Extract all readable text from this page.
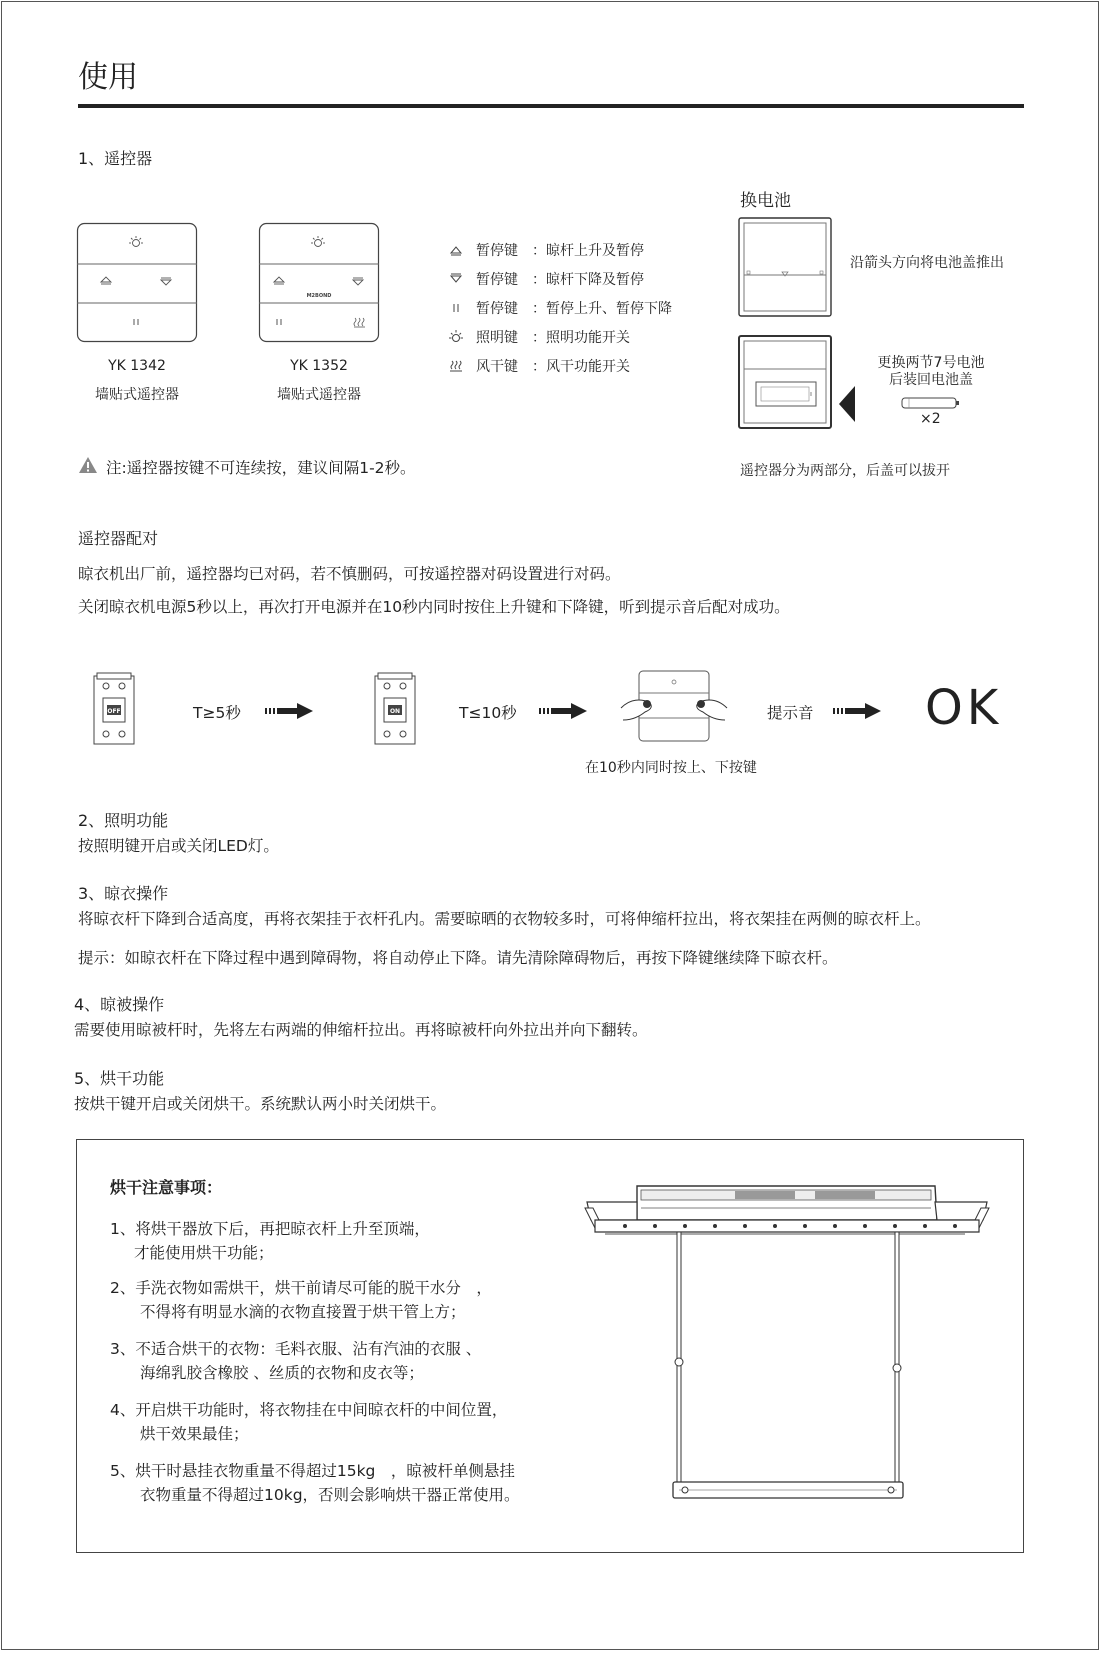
使用
1、遥控器
YK 1342
墙贴式遥控器
M2BOND
YK 1352
墙贴式遥控器
暂停键 ：晾杆上升及暂停
暂停键 ：晾杆下降及暂停
暂停键 ：暂停上升、暂停下降
照明键 ：照明功能开关
风干键 ：风干功能开关
换电池
沿箭头方向将电池盖推出
更换两节7号电池
后装回电池盖
×2
遥控器分为两部分，后盖可以拔开
注:遥控器按键不可连续按，建议间隔1-2秒。
遥控器配对
晾衣机出厂前，遥控器均已对码，若不慎删码，可按遥控器对码设置进行对码。
关闭晾衣机电源5秒以上，再次打开电源并在10秒内同时按住上升键和下降键，听到提示音后配对成功。
OFF	T≥5秒	ON	T≤10秒	提示音 OK
在10秒内同时按上、下按键
2、照明功能
按照明键开启或关闭LED灯。
3、晾衣操作
将晾衣杆下降到合适高度，再将衣架挂于衣杆孔内。需要晾晒的衣物较多时，可将伸缩杆拉出，将衣架挂在两侧的晾衣杆上。
提示：如晾衣杆在下降过程中遇到障碍物，将自动停止下降。请先清除障碍物后，再按下降键继续降下晾衣杆。
4、晾被操作
需要使用晾被杆时，先将左右两端的伸缩杆拉出。再将晾被杆向外拉出并向下翻转。
5、烘干功能
按烘干键开启或关闭烘干。系统默认两小时关闭烘干。
烘干注意事项：
1、将烘干器放下后，再把晾衣杆上升至顶端，
才能使用烘干功能；
2、手洗衣物如需烘干，烘干前请尽可能的脱干水分　，
不得将有明显水滴的衣物直接置于烘干管上方；
3、不适合烘干的衣物：毛料衣服、沾有汽油的衣服 、
海绵乳胶含橡胶 、丝质的衣物和皮衣等；
4、开启烘干功能时，将衣物挂在中间晾衣杆的中间位置，
烘干效果最佳；
5、烘干时悬挂衣物重量不得超过15kg　，晾被杆单侧悬挂
衣物重量不得超过10kg，否则会影响烘干器正常使用。
